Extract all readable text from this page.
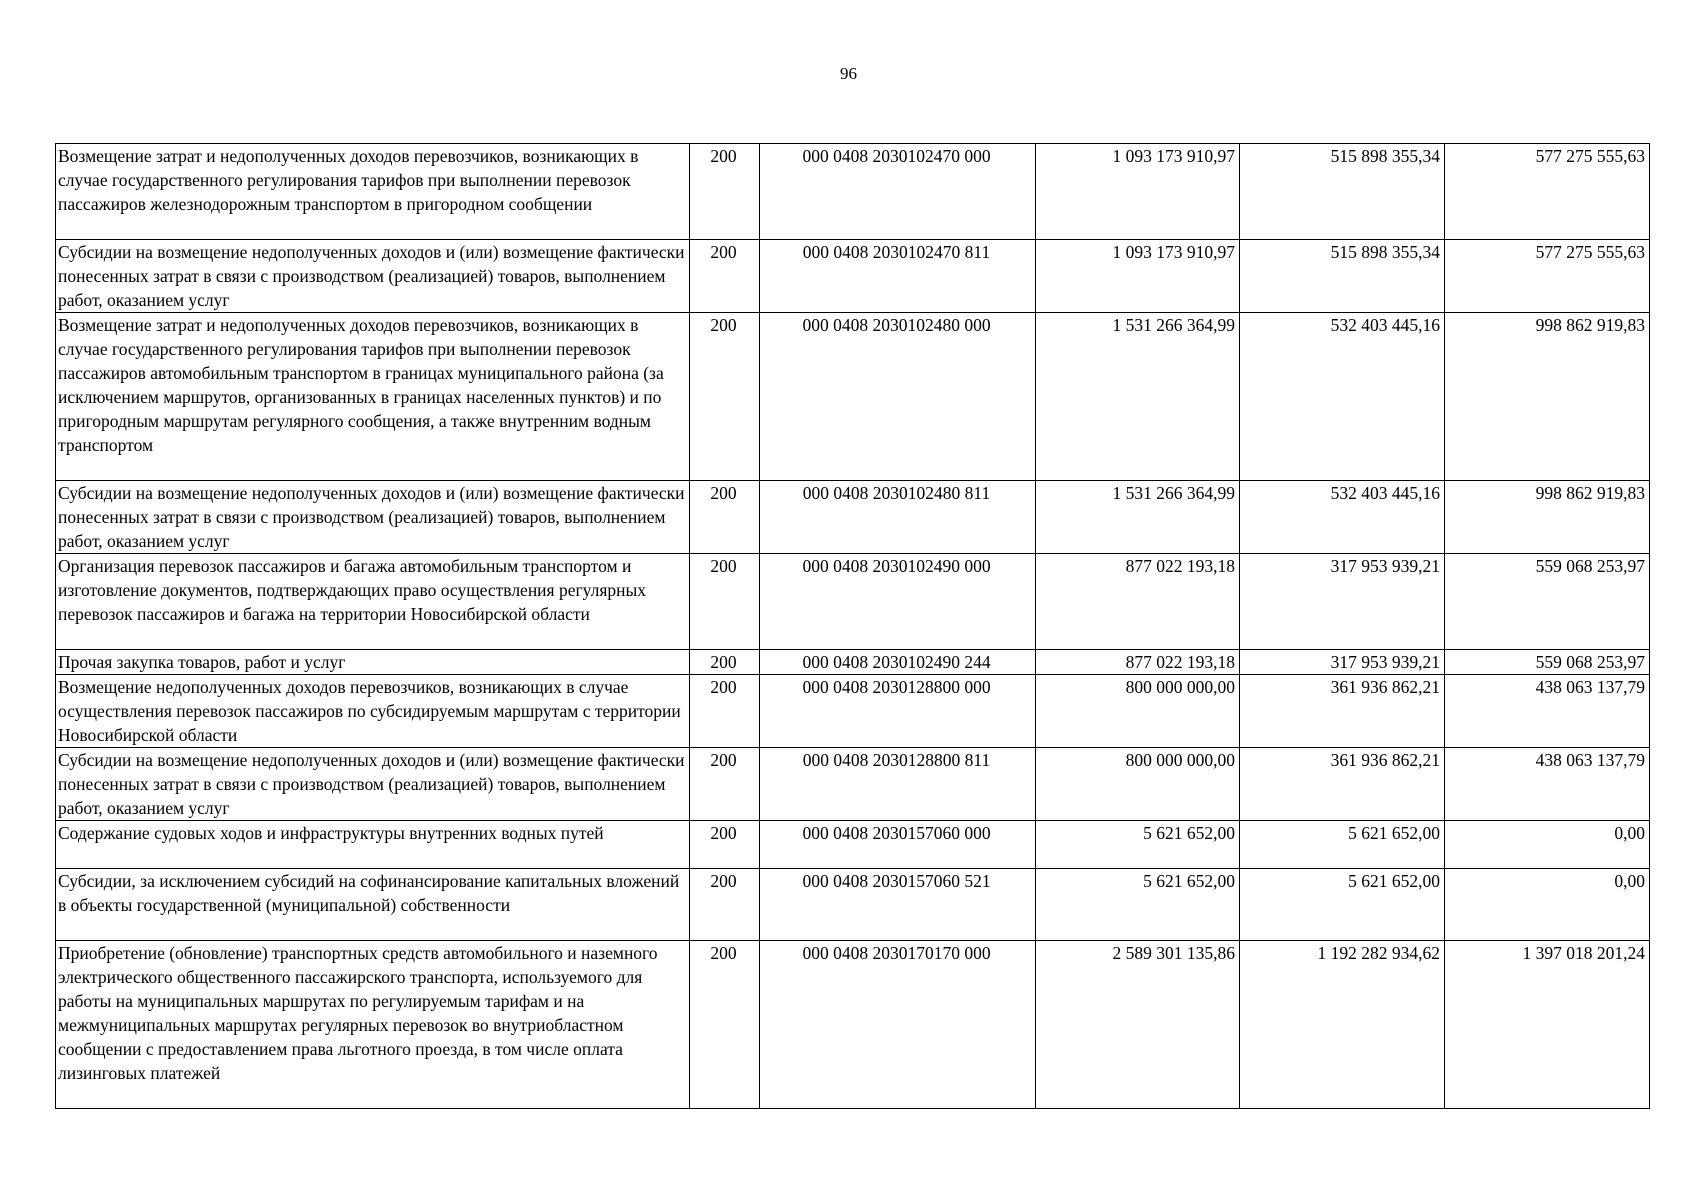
96
Возмещение затрат и недополученных доходов перевозчиков, возникающих в случае государственного регулирования тарифов при выполнении перевозок пассажиров железнодорожным транспортом в пригородном сообщении	200	000 0408 2030102470 000	1 093 173 910,97	515 898 355,34	577 275 555,63
Субсидии на возмещение недополученных доходов и (или) возмещение фактически понесенных затрат в связи с производством (реализацией) товаров, выполнением работ, оказанием услуг	200	000 0408 2030102470 811	1 093 173 910,97	515 898 355,34	577 275 555,63
Возмещение затрат и недополученных доходов перевозчиков, возникающих в случае государственного регулирования тарифов при выполнении перевозок пассажиров автомобильным транспортом в границах муниципального района (за исключением маршрутов, организованных в границах населенных пунктов) и по пригородным маршрутам регулярного сообщения, а также внутренним водным транспортом	200	000 0408 2030102480 000	1 531 266 364,99	532 403 445,16	998 862 919,83
Субсидии на возмещение недополученных доходов и (или) возмещение фактически понесенных затрат в связи с производством (реализацией) товаров, выполнением работ, оказанием услуг	200	000 0408 2030102480 811	1 531 266 364,99	532 403 445,16	998 862 919,83
Организация перевозок пассажиров и багажа автомобильным транспортом и изготовление документов, подтверждающих право осуществления регулярных перевозок пассажиров и багажа на территории Новосибирской области	200	000 0408 2030102490 000	877 022 193,18	317 953 939,21	559 068 253,97
Прочая закупка товаров, работ и услуг	200	000 0408 2030102490 244	877 022 193,18	317 953 939,21	559 068 253,97
Возмещение недополученных доходов перевозчиков, возникающих в случае осуществления перевозок пассажиров по субсидируемым маршрутам с территории Новосибирской области	200	000 0408 2030128800 000	800 000 000,00	361 936 862,21	438 063 137,79
Субсидии на возмещение недополученных доходов и (или) возмещение фактически понесенных затрат в связи с производством (реализацией) товаров, выполнением работ, оказанием услуг	200	000 0408 2030128800 811	800 000 000,00	361 936 862,21	438 063 137,79
Содержание судовых ходов и инфраструктуры внутренних водных путей	200	000 0408 2030157060 000	5 621 652,00	5 621 652,00	0,00
Субсидии, за исключением субсидий на софинансирование капитальных вложений в объекты государственной (муниципальной) собственности	200	000 0408 2030157060 521	5 621 652,00	5 621 652,00	0,00
Приобретение (обновление) транспортных средств автомобильного и наземного электрического общественного пассажирского транспорта, используемого для работы на муниципальных маршрутах по регулируемым тарифам и на межмуниципальных маршрутах регулярных перевозок во внутриобластном сообщении с предоставлением права льготного проезда, в том числе оплата лизинговых платежей	200	000 0408 2030170170 000	2 589 301 135,86	1 192 282 934,62	1 397 018 201,24
